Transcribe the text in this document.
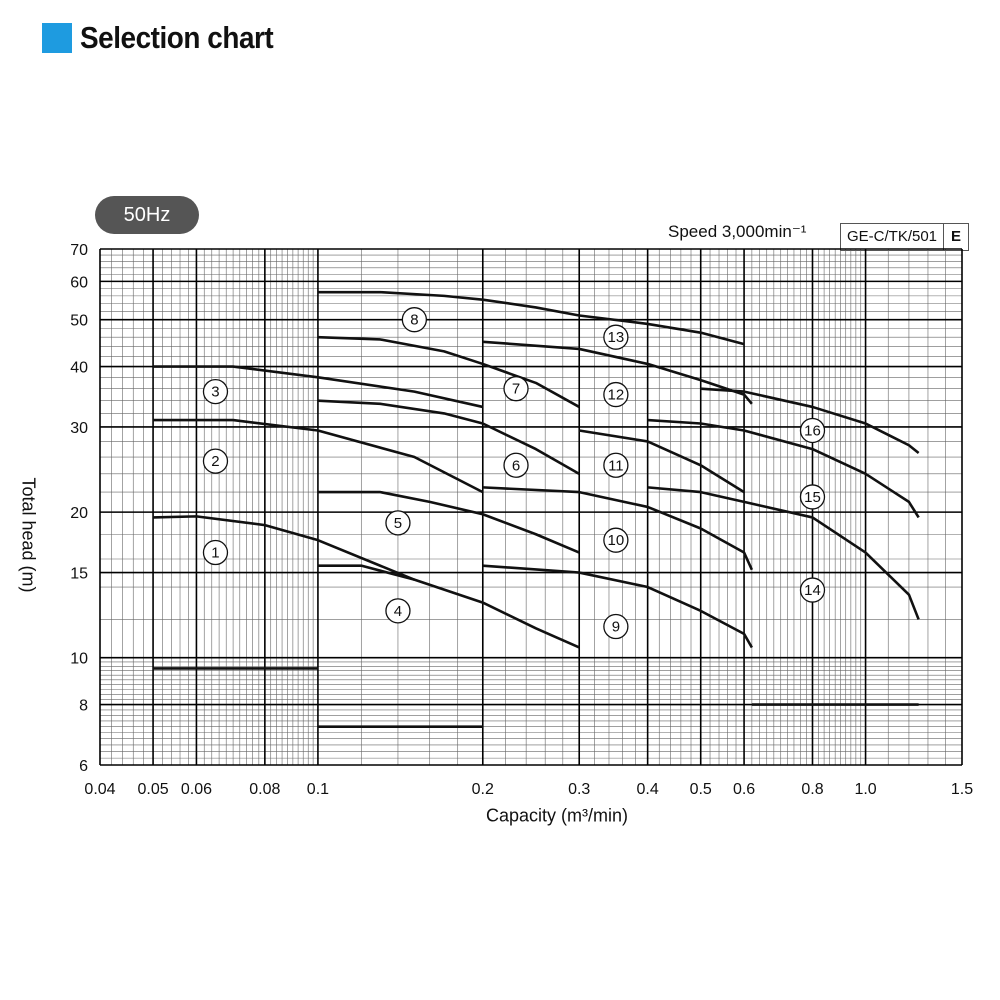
Selection chart
50Hz
Speed 3,000min⁻¹	GE-C/TK/501 E
1
2
3
4
5
6
7
8
9
10
11
12
13
14
15
16
0.04 0.05 0.06 0.08 0.1	0.2	0.3	0.4 0.5 0.6	0.8 1.0	1.5
6
8
10
15
20
30
40
50
60
70
Total head (m)
Capacity (m³/min)
